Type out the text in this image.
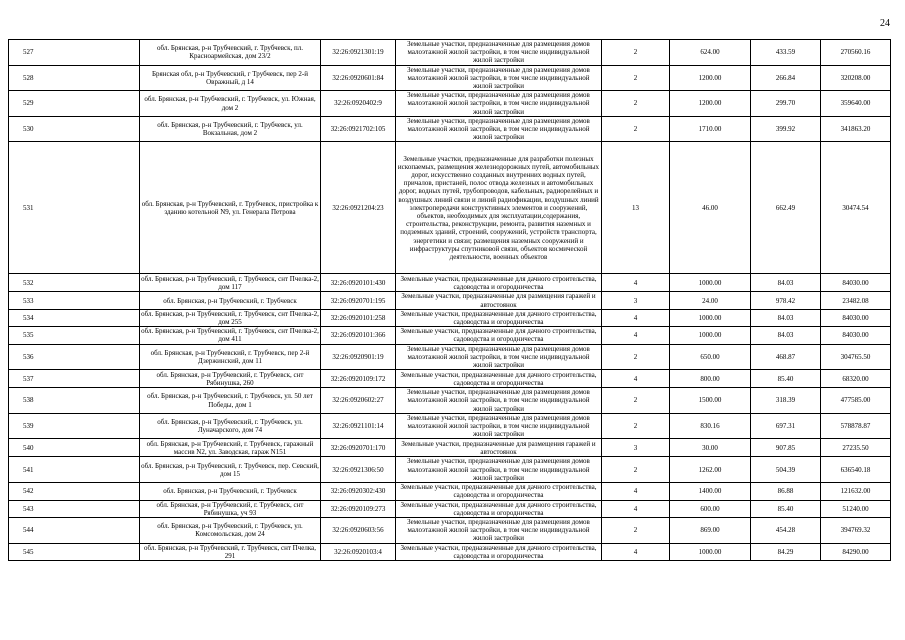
24
527	обл. Брянская, р-н Трубчевский, г. Трубчевск, пл. Красноармейская, дом 23/2	32:26:0921301:19	Земельные участки, предназначенные для размещения домов малоэтажной жилой застройки, в том числе индивидуальной жилой застройки	2	624.00	433.59	270560.16
528	Брянская обл, р-н Трубчевский, г Трубчевск, пер 2-й Овражный, д 14	32:26:0920601:84	Земельные участки, предназначенные для размещения домов малоэтажной жилой застройки, в том числе индивидуальной жилой застройки	2	1200.00	266.84	320208.00
529	обл. Брянская, р-н Трубчевский, г. Трубчевск, ул. Южная, дом 2	32:26:0920402:9	Земельные участки, предназначенные для размещения домов малоэтажной жилой застройки, в том числе индивидуальной жилой застройки	2	1200.00	299.70	359640.00
530	обл. Брянская, р-н Трубчевский, г. Трубчевск, ул. Вокзальная, дом 2	32:26:0921702:105	Земельные участки, предназначенные для размещения домов малоэтажной жилой застройки, в том числе индивидуальной жилой застройки	2	1710.00	399.92	341863.20
531	обл. Брянская, р-н Трубчевский, г. Трубчевск, пристройка к зданию котельной N9, ул. Генерала Петрова	32:26:0921204:23	Земельные участки, предназначенные для разработки полезных ископаемых, размещения железнодорожных путей, автомобильных дорог, искусственно созданных внутренних водных путей, причалов, пристаней, полос отвода железных и автомобильных дорог, водных путей, трубопроводов, кабельных, радиорелейных и воздушных линий связи и линий радиофикации, воздушных линий электропередачи конструктивных элементов и сооружений, объектов, необходимых для эксплуатации,содержания, строительства, реконструкции, ремонта, развития наземных и подземных зданий, строений, сооружений, устройств транспорта, энергетики и связи; размещения наземных сооружений и инфраструктуры спутниковой связи, объектов космической деятельности, военных объектов	13	46.00	662.49	30474.54
532	обл. Брянская, р-н Трубчевский, г. Трубчевск, снт Пчелка-2, дом 117	32:26:0920101:430	Земельные участки, предназначенные для дачного строительства, садоводства и огородничества	4	1000.00	84.03	84030.00
533	обл. Брянская, р-н Трубчевский, г. Трубчевск	32:26:0920701:195	Земельные участки, предназначенные для размещения гаражей и автостоянок	3	24.00	978.42	23482.08
534	обл. Брянская, р-н Трубчевский, г. Трубчевск, снт Пчелка-2, дом 255	32:26:0920101:258	Земельные участки, предназначенные для дачного строительства, садоводства и огородничества	4	1000.00	84.03	84030.00
535	обл. Брянская, р-н Трубчевский, г. Трубчевск, снт Пчелка-2, дом 411	32:26:0920101:366	Земельные участки, предназначенные для дачного строительства, садоводства и огородничества	4	1000.00	84.03	84030.00
536	обл. Брянская, р-н Трубчевский, г. Трубчевск, пер 2-й Дзержинский, дом 11	32:26:0920901:19	Земельные участки, предназначенные для размещения домов малоэтажной жилой застройки, в том числе индивидуальной жилой застройки	2	650.00	468.87	304765.50
537	обл. Брянская, р-н Трубчевский, г. Трубчевск, снт Рябинушка, 260	32:26:0920109:172	Земельные участки, предназначенные для дачного строительства, садоводства и огородничества	4	800.00	85.40	68320.00
538	обл. Брянская, р-н Трубчевский, г. Трубчевск, ул. 50 лет Победы, дом 1	32:26:0920602:27	Земельные участки, предназначенные для размещения домов малоэтажной жилой застройки, в том числе индивидуальной жилой застройки	2	1500.00	318.39	477585.00
539	обл. Брянская, р-н Трубчевский, г. Трубчевск, ул. Луначарского, дом 74	32:26:0921101:14	Земельные участки, предназначенные для размещения домов малоэтажной жилой застройки, в том числе индивидуальной жилой застройки	2	830.16	697.31	578878.87
540	обл. Брянская, р-н Трубчевский, г. Трубчевск, гаражный массив N2, ул. Заводская, гараж N151	32:26:0920701:170	Земельные участки, предназначенные для размещения гаражей и автостоянок	3	30.00	907.85	27235.50
541	обл. Брянская, р-н Трубчевский, г. Трубчевск, пер. Севский, дом 15	32:26:0921306:50	Земельные участки, предназначенные для размещения домов малоэтажной жилой застройки, в том числе индивидуальной жилой застройки	2	1262.00	504.39	636540.18
542	обл. Брянская, р-н Трубчевский, г. Трубчевск	32:26:0920302:430	Земельные участки, предназначенные для дачного строительства, садоводства и огородничества	4	1400.00	86.88	121632.00
543	обл. Брянская, р-н Трубчевский, г. Трубчевск, снт Рябинушка, уч 93	32:26:0920109:273	Земельные участки, предназначенные для дачного строительства, садоводства и огородничества	4	600.00	85.40	51240.00
544	обл. Брянская, р-н Трубчевский, г. Трубчевск, ул. Комсомольская, дом 24	32:26:0920603:56	Земельные участки, предназначенные для размещения домов малоэтажной жилой застройки, в том числе индивидуальной жилой застройки	2	869.00	454.28	394769.32
545	обл. Брянская, р-н Трубчевский, г. Трубчевск, снт Пчелка, 291	32:26:0920103:4	Земельные участки, предназначенные для дачного строительства, садоводства и огородничества	4	1000.00	84.29	84290.00
